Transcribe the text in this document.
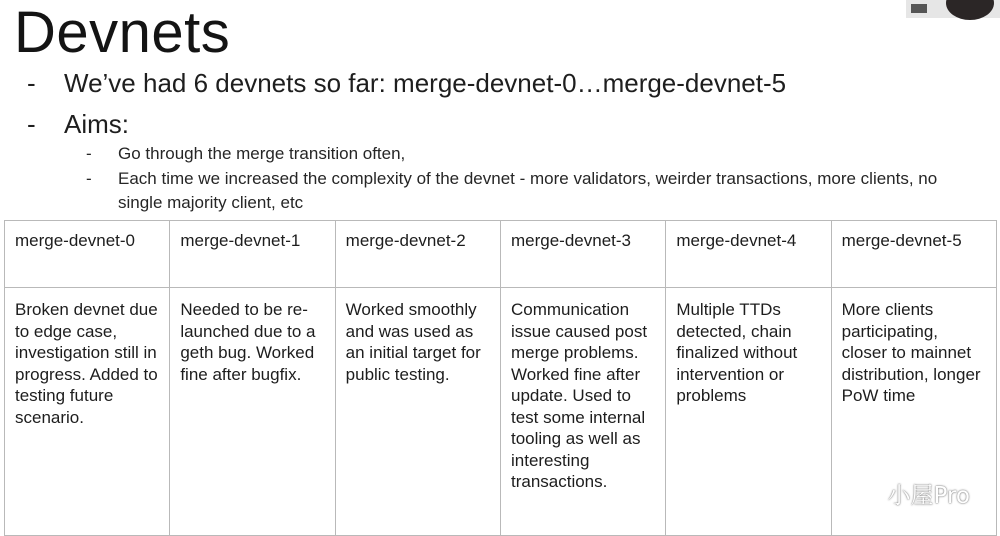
Devnets
- We’ve had 6 devnets so far: merge-devnet-0…merge-devnet-5
- Aims:
- Go through the merge transition often,
- Each time we increased the complexity of the devnet - more validators, weirder transactions, more clients, no single majority client, etc
merge-devnet-0	merge-devnet-1	merge-devnet-2	merge-devnet-3	merge-devnet-4	merge-devnet-5
Broken devnet due to edge case, investigation still in progress. Added to testing future scenario.	Needed to be re-launched due to a geth bug. Worked fine after bugfix.	Worked smoothly and was used as an initial target for public testing.	Communication issue caused post merge problems. Worked fine after update. Used to test some internal tooling as well as interesting transactions.	Multiple TTDs detected, chain finalized without intervention or problems	More clients participating, closer to mainnet distribution, longer PoW time
小屋Pro
